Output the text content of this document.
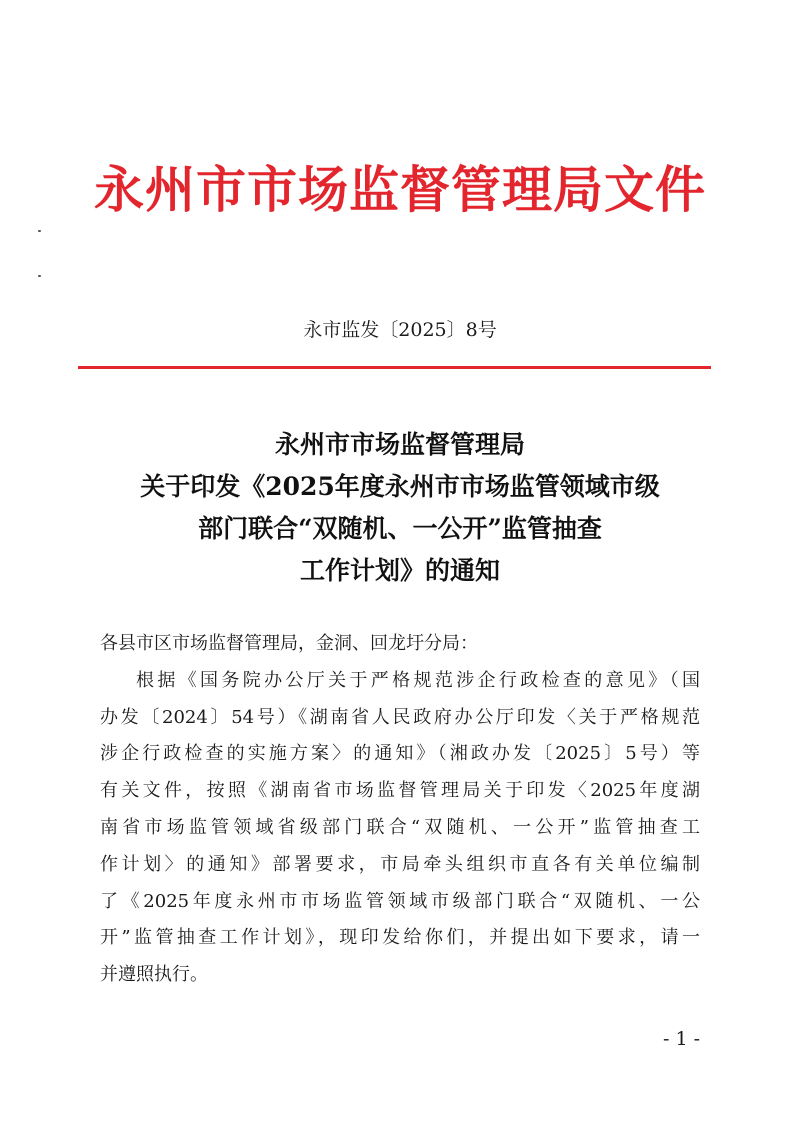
永州市市场监督管理局文件
永市监发〔2025〕8号
永州市市场监督管理局
关于印发《2025年度永州市市场监管领域市级
部门联合“双随机、一公开”监管抽查
工作计划》的通知
各县市区市场监督管理局，金洞、回龙圩分局：
根据《国务院办公厅关于严格规范涉企行政检查的意见》（国
办发〔2024〕54号）《湖南省人民政府办公厅印发〈关于严格规范
涉企行政检查的实施方案〉的通知》（湘政办发〔2025〕5号）等
有关文件，按照《湖南省市场监督管理局关于印发〈2025年度湖
南省市场监管领域省级部门联合“双随机、一公开”监管抽查工
作计划〉的通知》部署要求，市局牵头组织市直各有关单位编制
了《2025年度永州市市场监管领域市级部门联合“双随机、一公
开”监管抽查工作计划》，现印发给你们，并提出如下要求，请一
并遵照执行。
- 1 -
